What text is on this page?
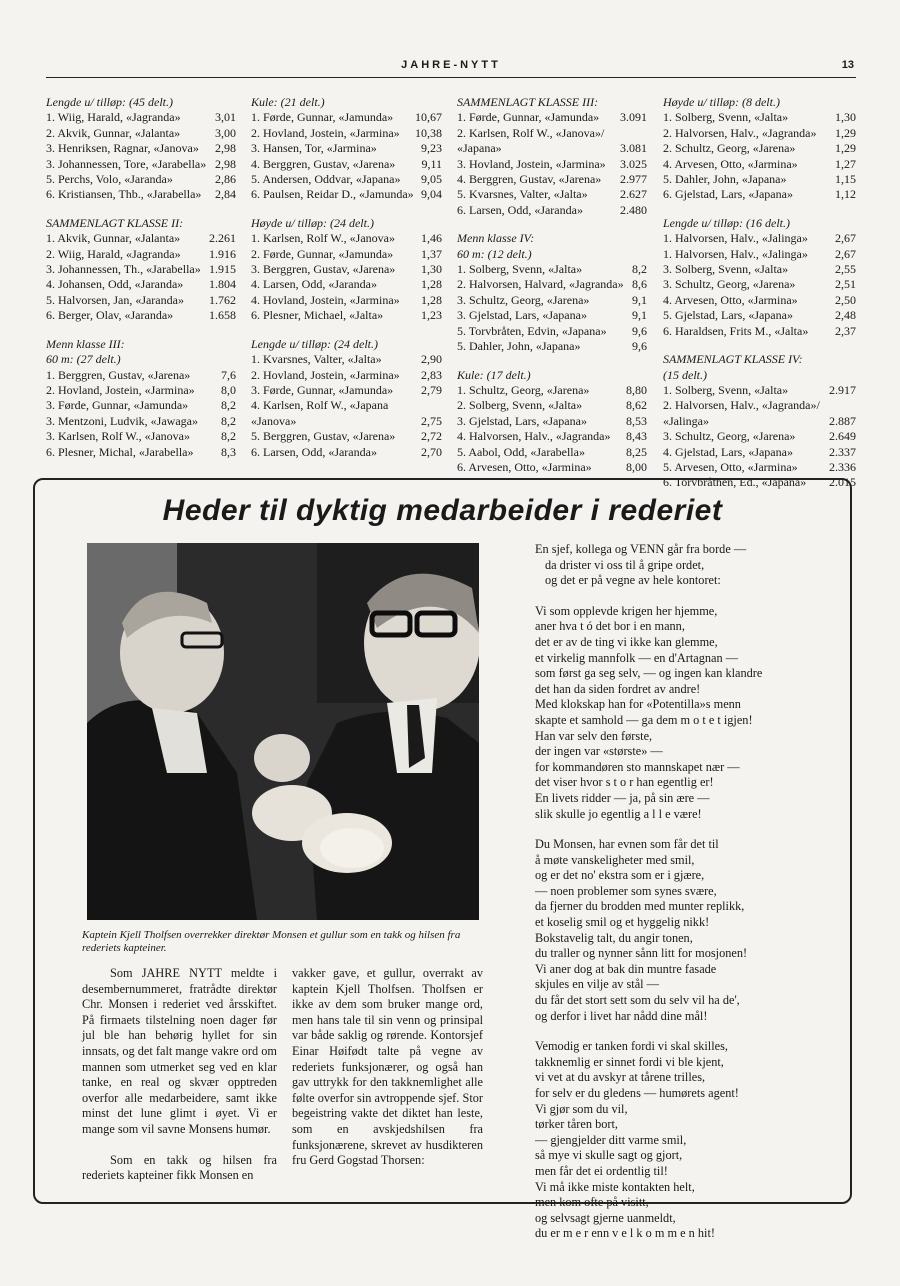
JAHRE-NYTT	13
Lengde u/ tilløp: (45 delt.)
1. Wiig, Harald, «Jagranda»	3,01
2. Akvik, Gunnar, «Jalanta»	3,00
3. Henriksen, Ragnar, «Janova»	2,98
3. Johannessen, Tore, «Jarabella» 2,98
5. Perchs, Volo, «Jaranda»	2,86
6. Kristiansen, Thb., «Jarabella»	2,84
SAMMENLAGT KLASSE II:
1. Akvik, Gunnar, «Jalanta»	2.261
2. Wiig, Harald, «Jagranda»	1.916
3. Johannessen, Th., «Jarabella» 1.915
4. Johansen, Odd, «Jaranda»	1.804
5. Halvorsen, Jan, «Jaranda»	1.762
6. Berger, Olav, «Jaranda»	1.658
Menn klasse III:
60 m: (27 delt.)
1. Berggren, Gustav, «Jarena»	7,6
2. Hovland, Jostein, «Jarmina»	8,0
3. Førde, Gunnar, «Jamunda»	8,2
3. Mentzoni, Ludvik, «Jawaga»	8,2
3. Karlsen, Rolf W., «Janova»	8,2
6. Plesner, Michal, «Jarabella»	8,3
Kule: (21 delt.)
1. Førde, Gunnar, «Jamunda»	10,67
2. Hovland, Jostein, «Jarmina»	10,38
3. Hansen, Tor, «Jarmina»	9,23
4. Berggren, Gustav, «Jarena»	9,11
5. Andersen, Oddvar, «Japana»	9,05
6. Paulsen, Reidar D., «Jamunda» 9,04
Høyde u/ tilløp: (24 delt.)
1. Karlsen, Rolf W., «Janova»	1,46
2. Førde, Gunnar, «Jamunda»	1,37
3. Berggren, Gustav, «Jarena»	1,30
4. Larsen, Odd, «Jaranda»	1,28
4. Hovland, Jostein, «Jarmina»	1,28
6. Plesner, Michael, «Jalta»	1,23
Lengde u/ tilløp: (24 delt.)
1. Kvarsnes, Valter, «Jalta»	2,90
2. Hovland, Jostein, «Jarmina»	2,83
3. Førde, Gunnar, «Jamunda»	2,79
4. Karlsen, Rolf W., «Japana
«Janova»	2,75
5. Berggren, Gustav, «Jarena»	2,72
6. Larsen, Odd, «Jaranda»	2,70
SAMMENLAGT KLASSE III:
1. Førde, Gunnar, «Jamunda»	3.091
2. Karlsen, Rolf W., «Janova»/
«Japana»	3.081
3. Hovland, Jostein, «Jarmina»	3.025
4. Berggren, Gustav, «Jarena»	2.977
5. Kvarsnes, Valter, «Jalta»	2.627
6. Larsen, Odd, «Jaranda»	2.480
Menn klasse IV:
60 m: (12 delt.)
1. Solberg, Svenn, «Jalta»	8,2
2. Halvorsen, Halvard, «Jagranda» 8,6
3. Schultz, Georg, «Jarena»	9,1
3. Gjelstad, Lars, «Japana»	9,1
5. Torvbråten, Edvin, «Japana»	9,6
5. Dahler, John, «Japana»	9,6
Kule: (17 delt.)
1. Schultz, Georg, «Jarena»	8,80
2. Solberg, Svenn, «Jalta»	8,62
3. Gjelstad, Lars, «Japana»	8,53
4. Halvorsen, Halv., «Jagranda»	8,43
5. Aabol, Odd, «Jarabella»	8,25
6. Arvesen, Otto, «Jarmina»	8,00
Høyde u/ tilløp: (8 delt.)
1. Solberg, Svenn, «Jalta»	1,30
2. Halvorsen, Halv., «Jagranda»	1,29
2. Schultz, Georg, «Jarena»	1,29
4. Arvesen, Otto, «Jarmina»	1,27
5. Dahler, John, «Japana»	1,15
6. Gjelstad, Lars, «Japana»	1,12
Lengde u/ tilløp: (16 delt.)
1. Halvorsen, Halv., «Jalinga»	2,67
1. Halvorsen, Halv., «Jalinga»	2,67
3. Solberg, Svenn, «Jalta»	2,55
3. Schultz, Georg, «Jarena»	2,51
4. Arvesen, Otto, «Jarmina»	2,50
5. Gjelstad, Lars, «Japana»	2,48
6. Haraldsen, Frits M., «Jalta»	2,37
SAMMENLAGT KLASSE IV:
(15 delt.)
1. Solberg, Svenn, «Jalta»	2.917
2. Halvorsen, Halv., «Jagranda»/
«Jalinga»	2.887
3. Schultz, Georg, «Jarena»	2.649
4. Gjelstad, Lars, «Japana»	2.337
5. Arvesen, Otto, «Jarmina»	2.336
6. Torvbråthen, Ed., «Japana»	2.015
Heder til dyktig medarbeider i rederiet
Kaptein Kjell Tholfsen overrekker direktør Monsen et gullur som en takk og hilsen fra rederiets kapteiner.

Som JAHRE NYTT meldte i desembernummeret, fratrådte direktør Chr. Monsen i rederiet ved årsskiftet. På firmaets tilstelning noen dager før jul ble han behørig hyllet for sin innsats, og det falt mange vakre ord om mannen som utmerket seg ved en klar tanke, en real og skvær opptreden overfor alle medarbeidere, samt ikke minst det lune glimt i øyet. Vi er mange som vil savne Monsens humør.

Som en takk og hilsen fra rederiets kapteiner fikk Monsen en

vakker gave, et gullur, overrakt av kaptein Kjell Tholfsen. Tholfsen er ikke av dem som bruker mange ord, men hans tale til sin venn og prinsipal var både saklig og rørende. Kontorsjef Einar Høifødt talte på vegne av rederiets funksjonærer, og også han gav uttrykk for den takknemlighet alle følte overfor sin avtroppende sjef. Stor begeistring vakte det diktet han leste, som en avskjedshilsen fra funksjonærene, skrevet av husdikteren fru Gerd Gogstad Thorsen:

En sjef, kollega og VENN går fra borde —
da drister vi oss til å gripe ordet,
og det er på vegne av hele kontoret:
Vi som opplevde krigen her hjemme,
aner hva t ó det bor i en mann,
det er av de ting vi ikke kan glemme,
et virkelig mannfolk — en d'Artagnan —
som først ga seg selv, — og ingen kan klandre
det han da siden fordret av andre!
Med klokskap han for «Potentilla»s menn
skapte et samhold — ga dem m o t e t igjen!
Han var selv den første,
der ingen var «største» —
for kommandøren sto mannskapet nær —
det viser hvor s t o r han egentlig er!
En livets ridder — ja, på sin ære —
slik skulle jo egentlig a l l e være!
Du Monsen, har evnen som får det til
å møte vanskeligheter med smil,
og er det no' ekstra som er i gjære,
— noen problemer som synes svære,
da fjerner du brodden med munter replikk,
et koselig smil og et hyggelig nikk!
Bokstavelig talt, du angir tonen,
du traller og nynner sånn litt for mosjonen!
Vi aner dog at bak din muntre fasade
skjules en vilje av stål —
du får det stort sett som du selv vil ha de',
og derfor i livet har nådd dine mål!
Vemodig er tanken fordi vi skal skilles,
takknemlig er sinnet fordi vi ble kjent,
vi vet at du avskyr at tårene trilles,
for selv er du gledens — humørets agent!
Vi gjør som du vil,
tørker tåren bort,
— gjengjelder ditt varme smil,
så mye vi skulle sagt og gjort,
men får det ei ordentlig til!
Vi må ikke miste kontakten helt,
men kom ofte på visitt,
og selvsagt gjerne uanmeldt,
du er m e r enn v e l k o m m e n hit!
